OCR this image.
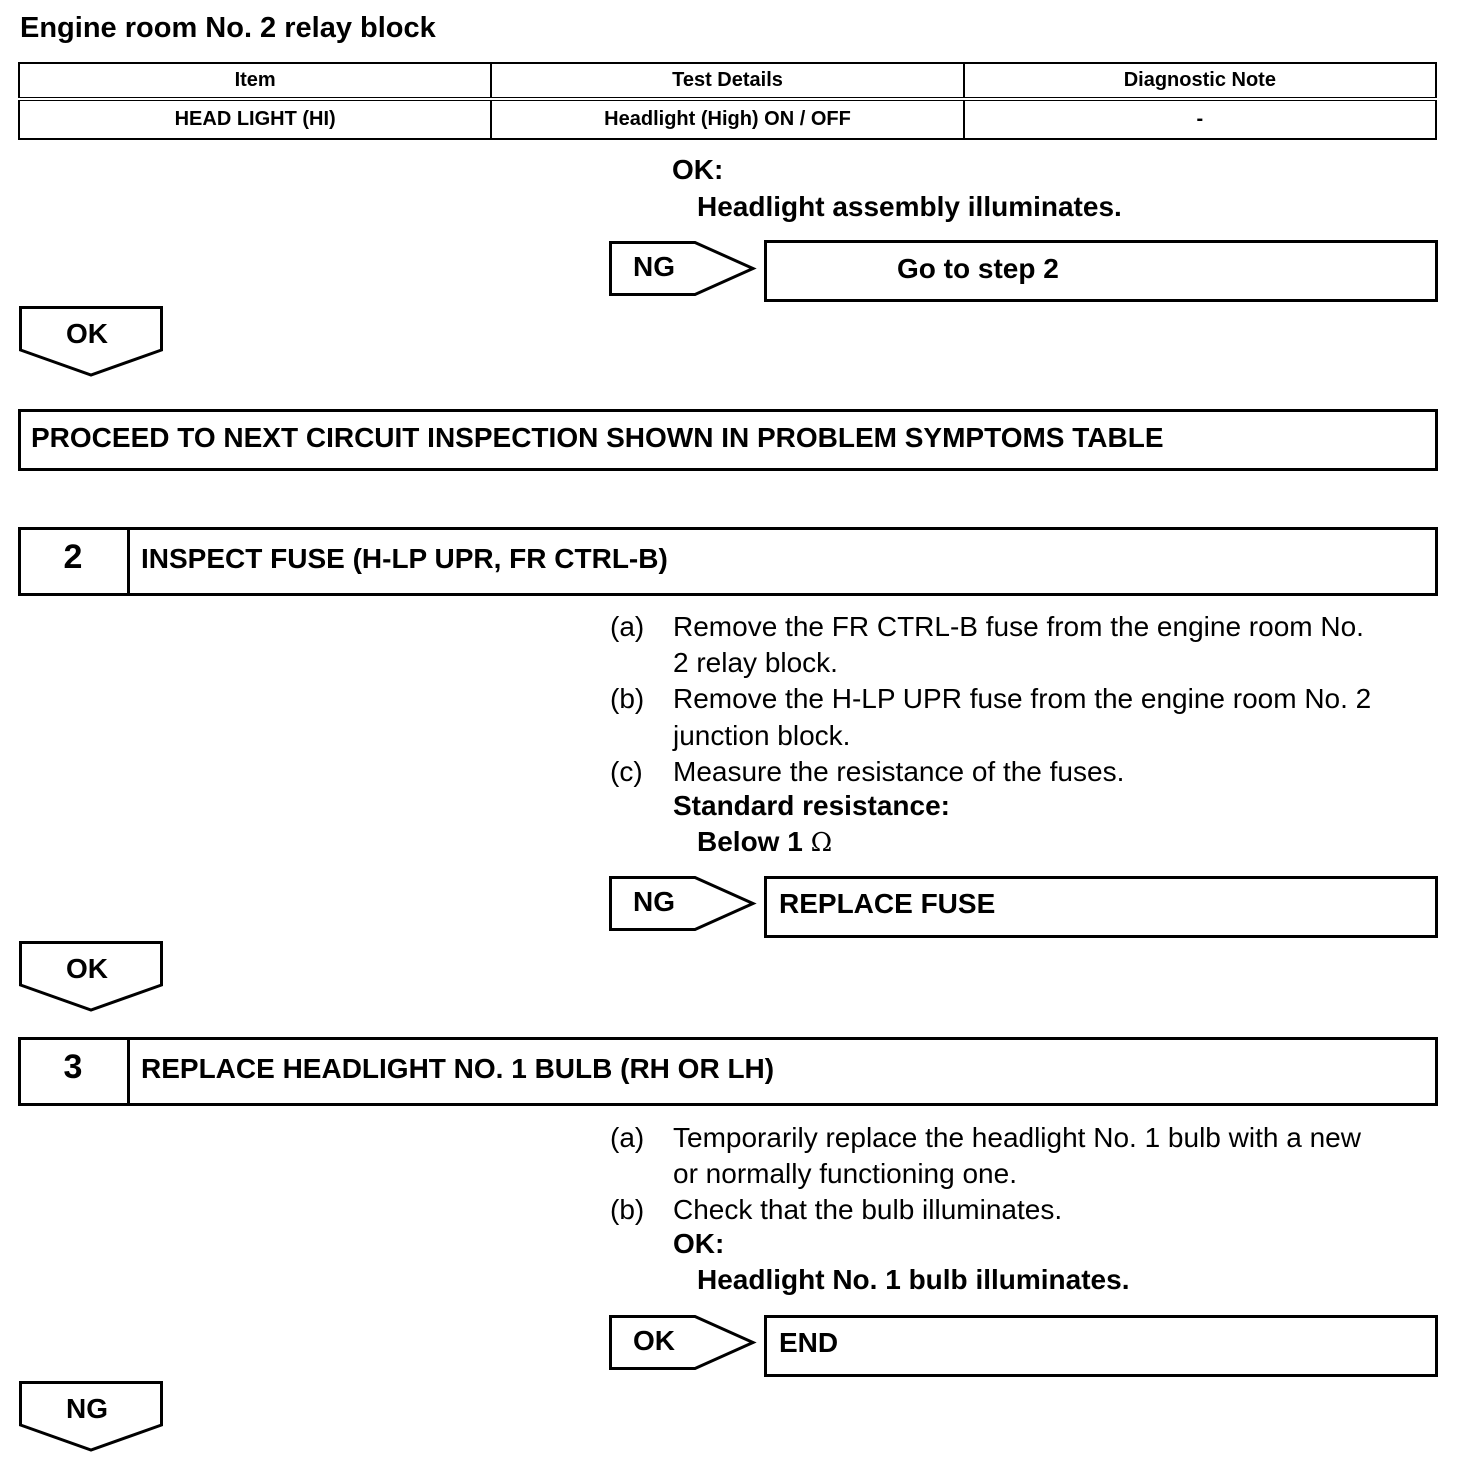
Engine room No. 2 relay block
Item	Test Details	Diagnostic Note
HEAD LIGHT (HI)	Headlight (High) ON / OFF	-
OK:
Headlight assembly illuminates.
NG	Go to step 2
OK
PROCEED TO NEXT CIRCUIT INSPECTION SHOWN IN PROBLEM SYMPTOMS TABLE
2	INSPECT FUSE (H-LP UPR, FR CTRL-B)
(a) Remove the FR CTRL-B fuse from the engine room No.
2 relay block.
(b) Remove the H-LP UPR fuse from the engine room No. 2
junction block.
(c) Measure the resistance of the fuses.
Standard resistance:
Below 1 Ω
NG	REPLACE FUSE
OK
3	REPLACE HEADLIGHT NO. 1 BULB (RH OR LH)
(a) Temporarily replace the headlight No. 1 bulb with a new
or normally functioning one.
(b) Check that the bulb illuminates.
OK:
Headlight No. 1 bulb illuminates.
OK	END
NG
